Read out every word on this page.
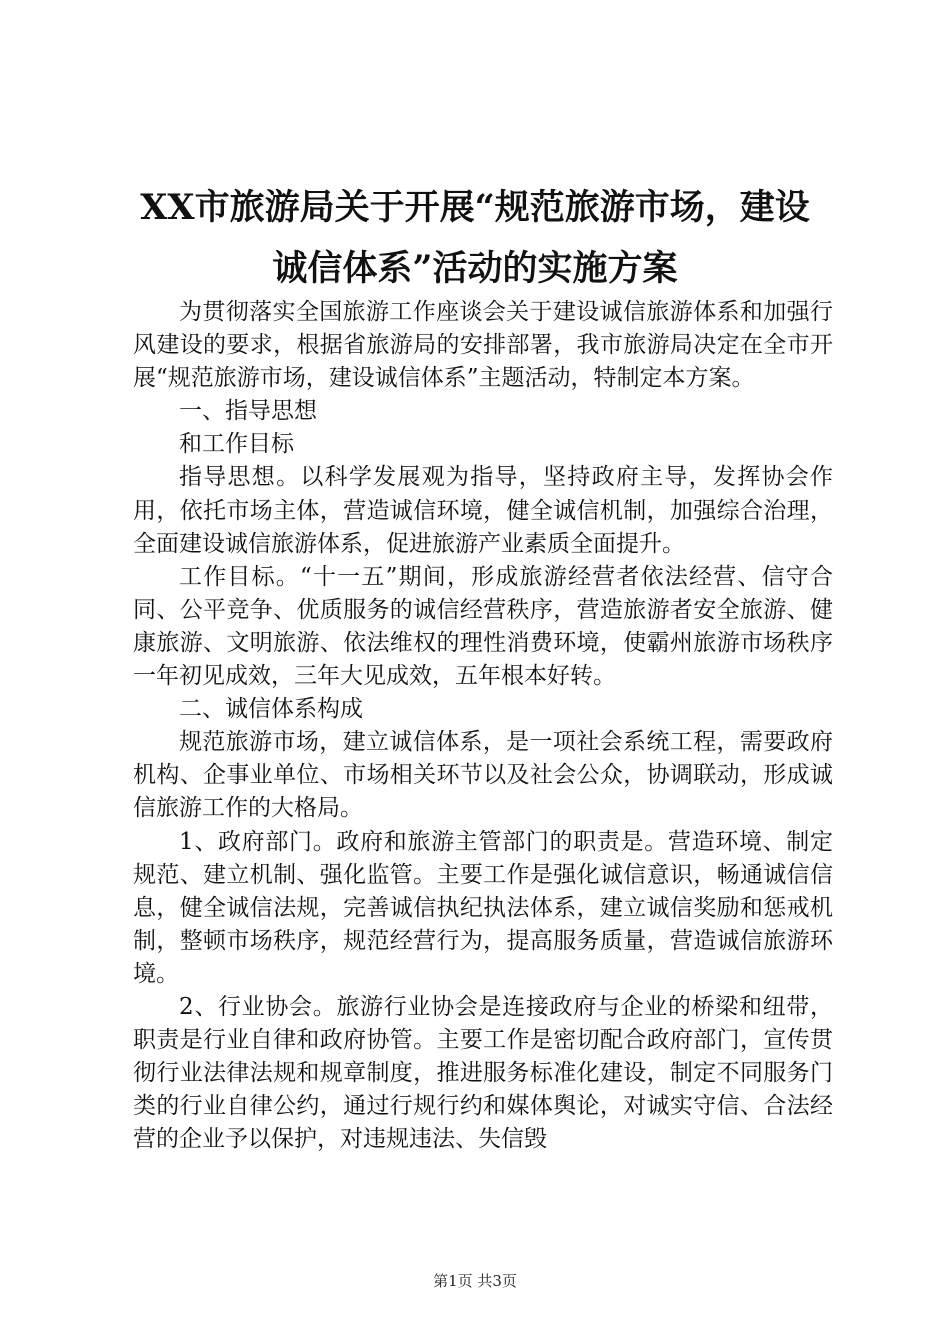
XX市旅游局关于开展“规范旅游市场，建设
诚信体系”活动的实施方案

为贯彻落实全国旅游工作座谈会关于建设诚信旅游体系和加强行风建设的要求，根据省旅游局的安排部署，我市旅游局决定在全市开展“规范旅游市场，建设诚信体系”主题活动，特制定本方案。

一、指导思想

和工作目标

指导思想。以科学发展观为指导，坚持政府主导，发挥协会作用，依托市场主体，营造诚信环境，健全诚信机制，加强综合治理，全面建设诚信旅游体系，促进旅游产业素质全面提升。

工作目标。“十一五”期间，形成旅游经营者依法经营、信守合同、公平竞争、优质服务的诚信经营秩序，营造旅游者安全旅游、健康旅游、文明旅游、依法维权的理性消费环境，使霸州旅游市场秩序一年初见成效，三年大见成效，五年根本好转。

二、诚信体系构成

规范旅游市场，建立诚信体系，是一项社会系统工程，需要政府机构、企事业单位、市场相关环节以及社会公众，协调联动，形成诚信旅游工作的大格局。

1、政府部门。政府和旅游主管部门的职责是。营造环境、制定规范、建立机制、强化监管。主要工作是强化诚信意识，畅通诚信信息，健全诚信法规，完善诚信执纪执法体系，建立诚信奖励和惩戒机制，整顿市场秩序，规范经营行为，提高服务质量，营造诚信旅游环境。

2、行业协会。旅游行业协会是连接政府与企业的桥梁和纽带，职责是行业自律和政府协管。主要工作是密切配合政府部门，宣传贯彻行业法律法规和规章制度，推进服务标准化建设，制定不同服务门类的行业自律公约，通过行规行约和媒体舆论，对诚实守信、合法经营的企业予以保护，对违规违法、失信毁

第1页 共3页
